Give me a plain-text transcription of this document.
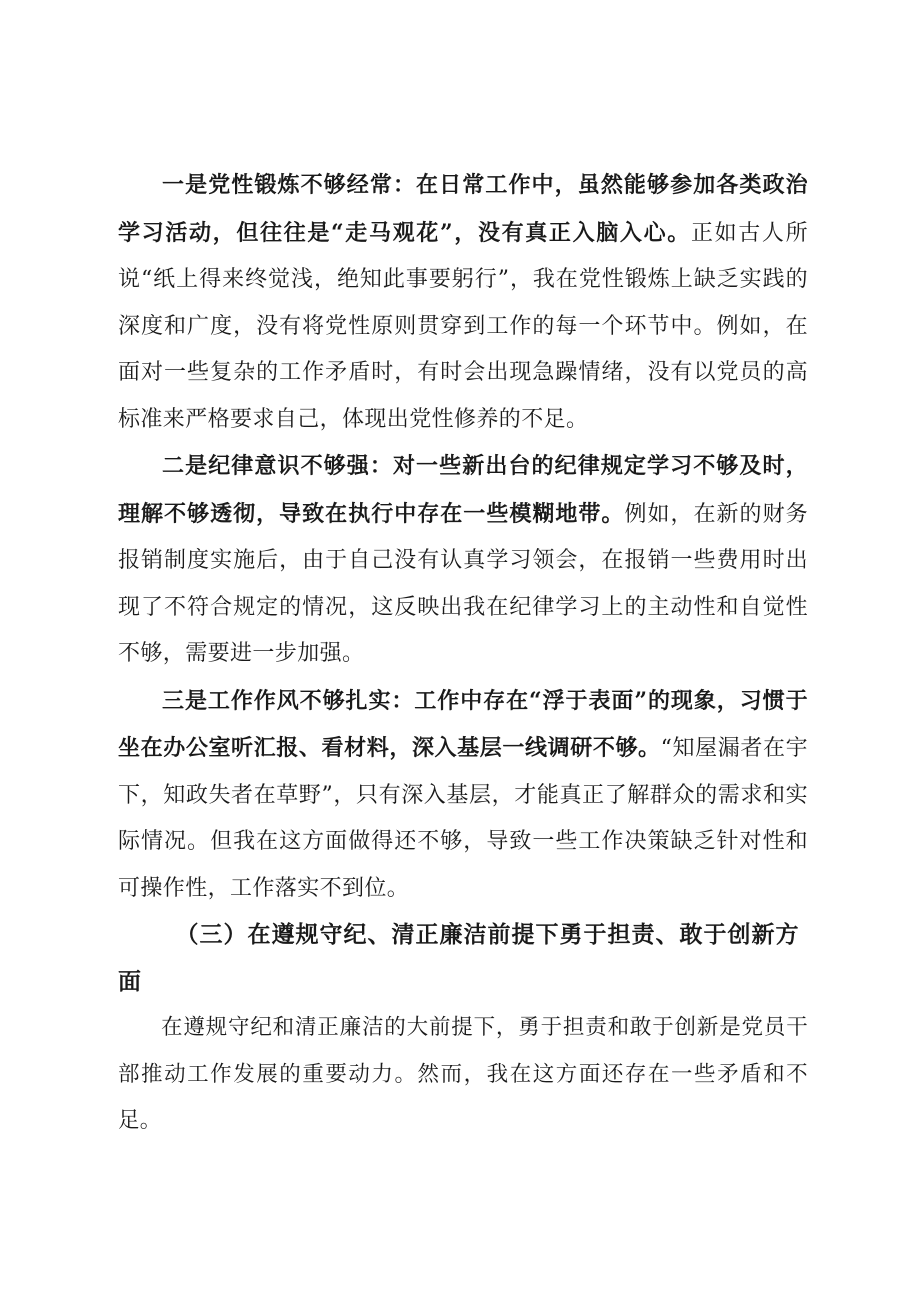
一是党性锻炼不够经常：在日常工作中，虽然能够参加各类政治学习活动，但往往是“走马观花”，没有真正入脑入心。正如古人所说“纸上得来终觉浅，绝知此事要躬行”，我在党性锻炼上缺乏实践的深度和广度，没有将党性原则贯穿到工作的每一个环节中。例如，在面对一些复杂的工作矛盾时，有时会出现急躁情绪，没有以党员的高标准来严格要求自己，体现出党性修养的不足。

二是纪律意识不够强：对一些新出台的纪律规定学习不够及时，理解不够透彻，导致在执行中存在一些模糊地带。例如，在新的财务报销制度实施后，由于自己没有认真学习领会，在报销一些费用时出现了不符合规定的情况，这反映出我在纪律学习上的主动性和自觉性不够，需要进一步加强。

三是工作作风不够扎实：工作中存在“浮于表面”的现象，习惯于坐在办公室听汇报、看材料，深入基层一线调研不够。“知屋漏者在宇下，知政失者在草野”，只有深入基层，才能真正了解群众的需求和实际情况。但我在这方面做得还不够，导致一些工作决策缺乏针对性和可操作性，工作落实不到位。

（三）在遵规守纪、清正廉洁前提下勇于担责、敢于创新方面

在遵规守纪和清正廉洁的大前提下，勇于担责和敢于创新是党员干部推动工作发展的重要动力。然而，我在这方面还存在一些矛盾和不足。
